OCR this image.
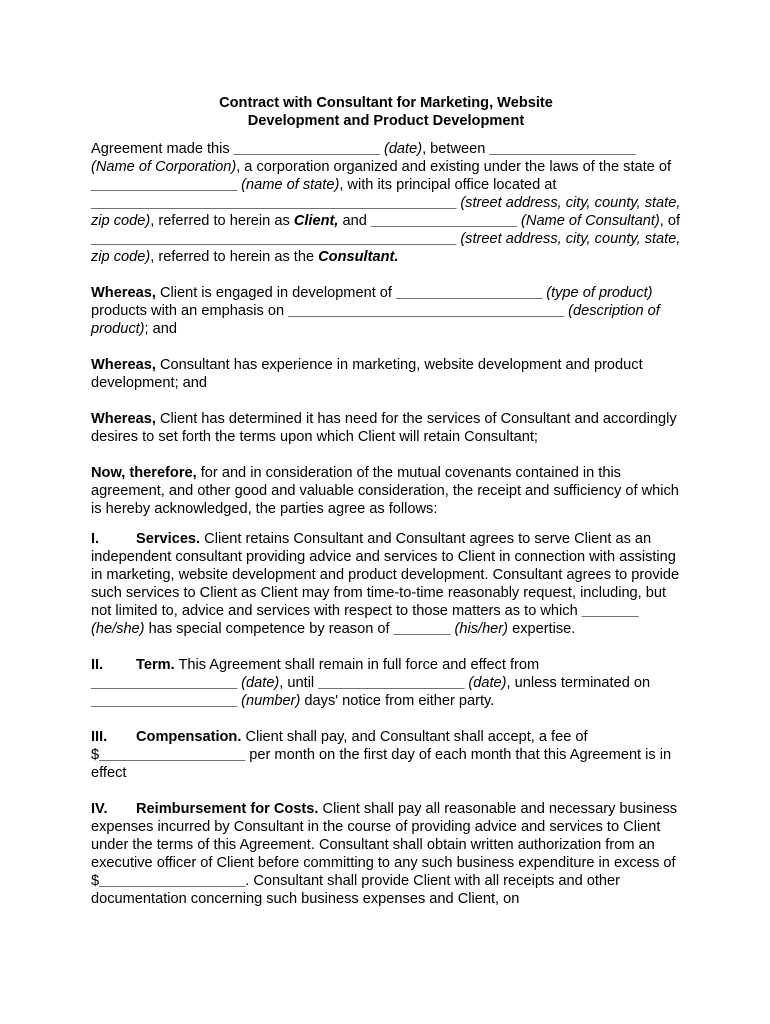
Contract with Consultant for Marketing, Website
Development and Product Development

Agreement made this __________________ (date), between __________________ (Name of Corporation), a corporation organized and existing under the laws of the state of __________________ (name of state), with its principal office located at _____________________________________________ (street address, city, county, state, zip code), referred to herein as Client, and __________________ (Name of Consultant), of _____________________________________________ (street address, city, county, state, zip code), referred to herein as the Consultant.

Whereas, Client is engaged in development of __________________ (type of product) products with an emphasis on __________________________________ (description of product); and

Whereas, Consultant has experience in marketing, website development and product development; and

Whereas, Client has determined it has need for the services of Consultant and accordingly desires to set forth the terms upon which Client will retain Consultant;

Now, therefore, for and in consideration of the mutual covenants contained in this agreement, and other good and valuable consideration, the receipt and sufficiency of which is hereby acknowledged, the parties agree as follows:

I.	Services. Client retains Consultant and Consultant agrees to serve Client as an independent consultant providing advice and services to Client in connection with assisting in marketing, website development and product development. Consultant agrees to provide such services to Client as Client may from time-to-time reasonably request, including, but not limited to, advice and services with respect to those matters as to which _______ (he/she) has special competence by reason of _______ (his/her) expertise.

II. Term. This Agreement shall remain in full force and effect from __________________ (date), until __________________ (date), unless terminated on __________________ (number) days' notice from either party.

III. Compensation. Client shall pay, and Consultant shall accept, a fee of $__________________ per month on the first day of each month that this Agreement is in effect

IV. Reimbursement for Costs. Client shall pay all reasonable and necessary business expenses incurred by Consultant in the course of providing advice and services to Client under the terms of this Agreement. Consultant shall obtain written authorization from an executive officer of Client before committing to any such business expenditure in excess of $__________________. Consultant shall provide Client with all receipts and other documentation concerning such business expenses and Client, on
